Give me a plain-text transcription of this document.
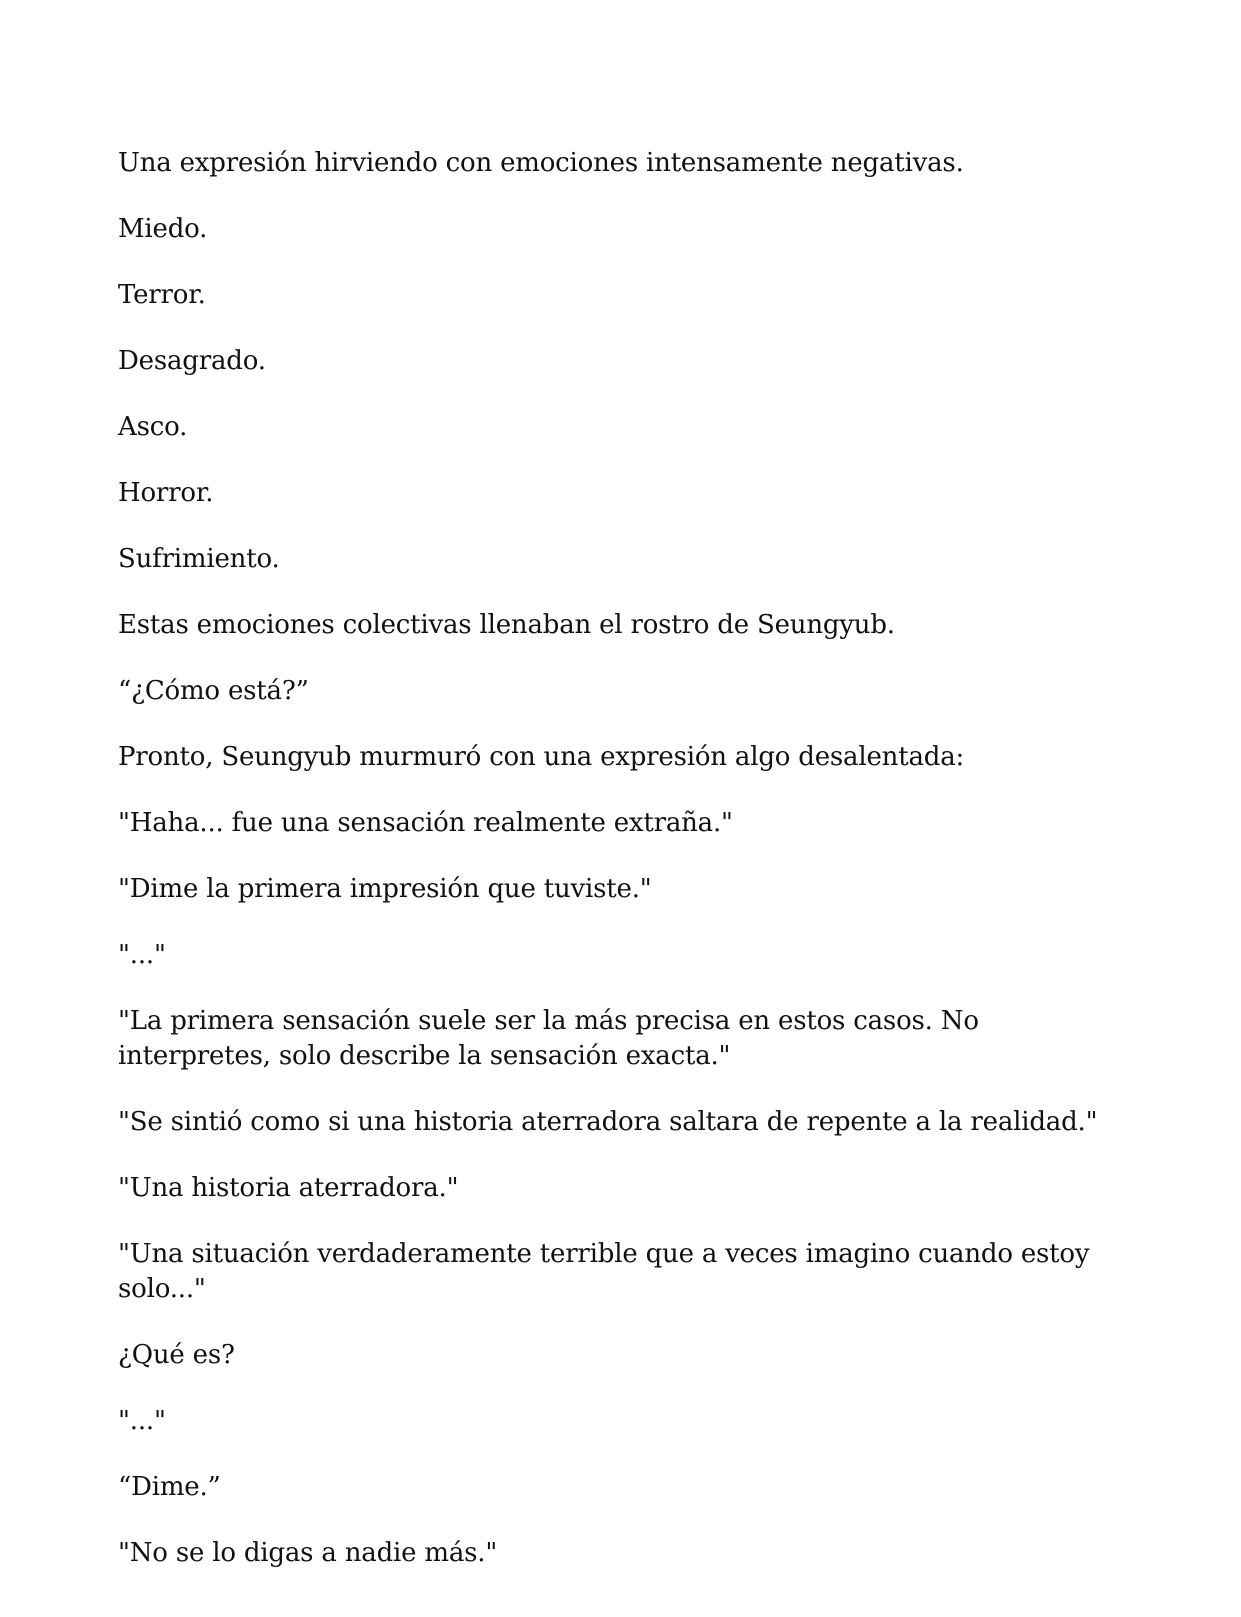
Una expresión hirviendo con emociones intensamente negativas.

Miedo.

Terror.

Desagrado.

Asco.

Horror.

Sufrimiento.

Estas emociones colectivas llenaban el rostro de Seungyub.

“¿Cómo está?”

Pronto, Seungyub murmuró con una expresión algo desalentada:

"Haha... fue una sensación realmente extraña."

"Dime la primera impresión que tuviste."

"..."

"La primera sensación suele ser la más precisa en estos casos. No interpretes, solo describe la sensación exacta."

"Se sintió como si una historia aterradora saltara de repente a la realidad."

"Una historia aterradora."

"Una situación verdaderamente terrible que a veces imagino cuando estoy solo..."

¿Qué es?

"..."

“Dime.”

"No se lo digas a nadie más."
